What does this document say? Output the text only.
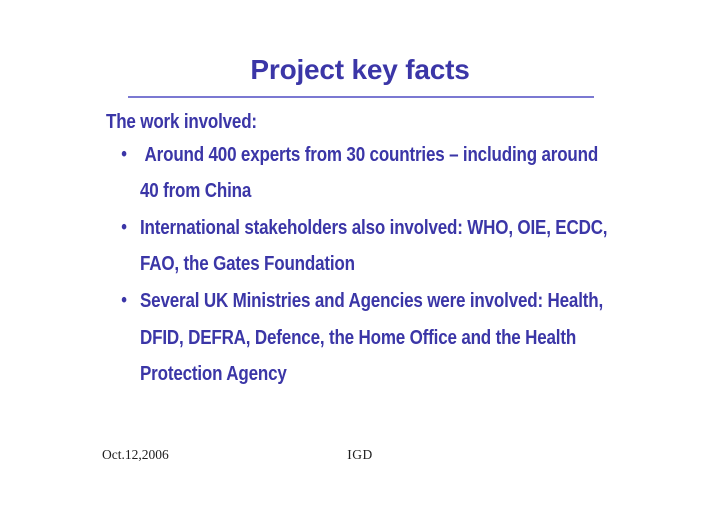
Project key facts

The work involved:

• Around 400 experts from 30 countries – including around
40 from China
• International stakeholders also involved: WHO, OIE, ECDC,
FAO, the Gates Foundation
• Several UK Ministries and Agencies were involved: Health,
DFID, DEFRA, Defence, the Home Office and the Health
Protection Agency
Oct.12,2006	IGD
